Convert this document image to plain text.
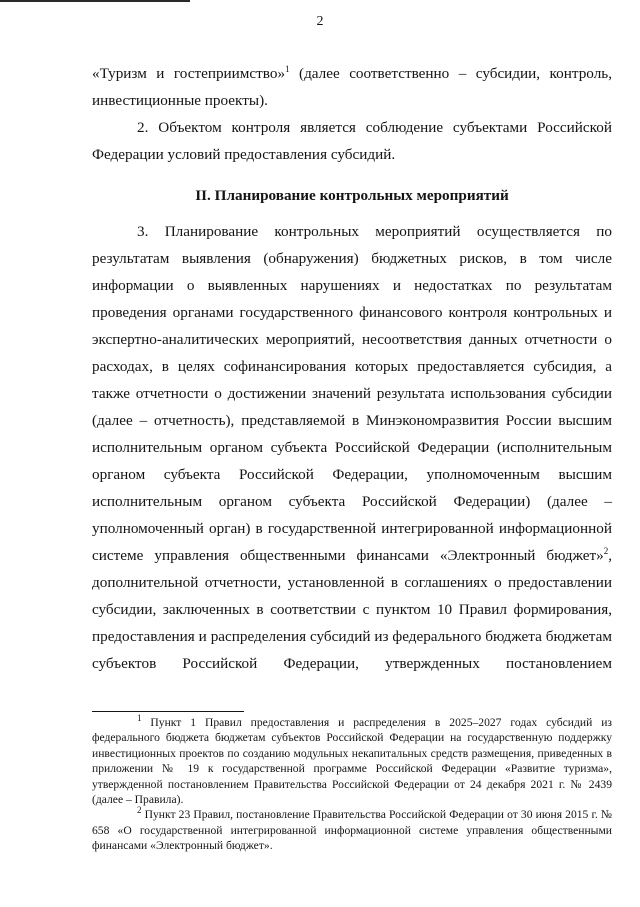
2

«Туризм и гостеприимство»$^1$ (далее соответственно – субсидии, контроль, инвестиционные проекты).

2. Объектом контроля является соблюдение субъектами Российской Федерации условий предоставления субсидий.

II. Планирование контрольных мероприятий

3. Планирование контрольных мероприятий осуществляется по результатам выявления (обнаружения) бюджетных рисков, в том числе информации о выявленных нарушениях и недостатках по результатам проведения органами государственного финансового контроля контрольных и экспертно-аналитических мероприятий, несоответствия данных отчетности о расходах, в целях софинансирования которых предоставляется субсидия, а также отчетности о достижении значений результата использования субсидии (далее – отчетность), представляемой в Минэкономразвития России высшим исполнительным органом субъекта Российской Федерации (исполнительным органом субъекта Российской Федерации, уполномоченным высшим исполнительным органом субъекта Российской Федерации) (далее – уполномоченный орган) в государственной интегрированной информационной системе управления общественными финансами «Электронный бюджет»$^2$, дополнительной отчетности, установленной в соглашениях о предоставлении субсидии, заключенных в соответствии с пунктом 10 Правил формирования, предоставления и распределения субсидий из федерального бюджета бюджетам субъектов Российской Федерации, утвержденных постановлением

$^1$ Пункт 1 Правил предоставления и распределения в 2025–2027 годах субсидий из федерального бюджета бюджетам субъектов Российской Федерации на государственную поддержку инвестиционных проектов по созданию модульных некапитальных средств размещения, приведенных в приложении № 19 к государственной программе Российской Федерации «Развитие туризма», утвержденной постановлением Правительства Российской Федерации от 24 декабря 2021 г. № 2439 (далее – Правила).

$^2$ Пункт 23 Правил, постановление Правительства Российской Федерации от 30 июня 2015 г. № 658 «О государственной интегрированной информационной системе управления общественными финансами «Электронный бюджет».
